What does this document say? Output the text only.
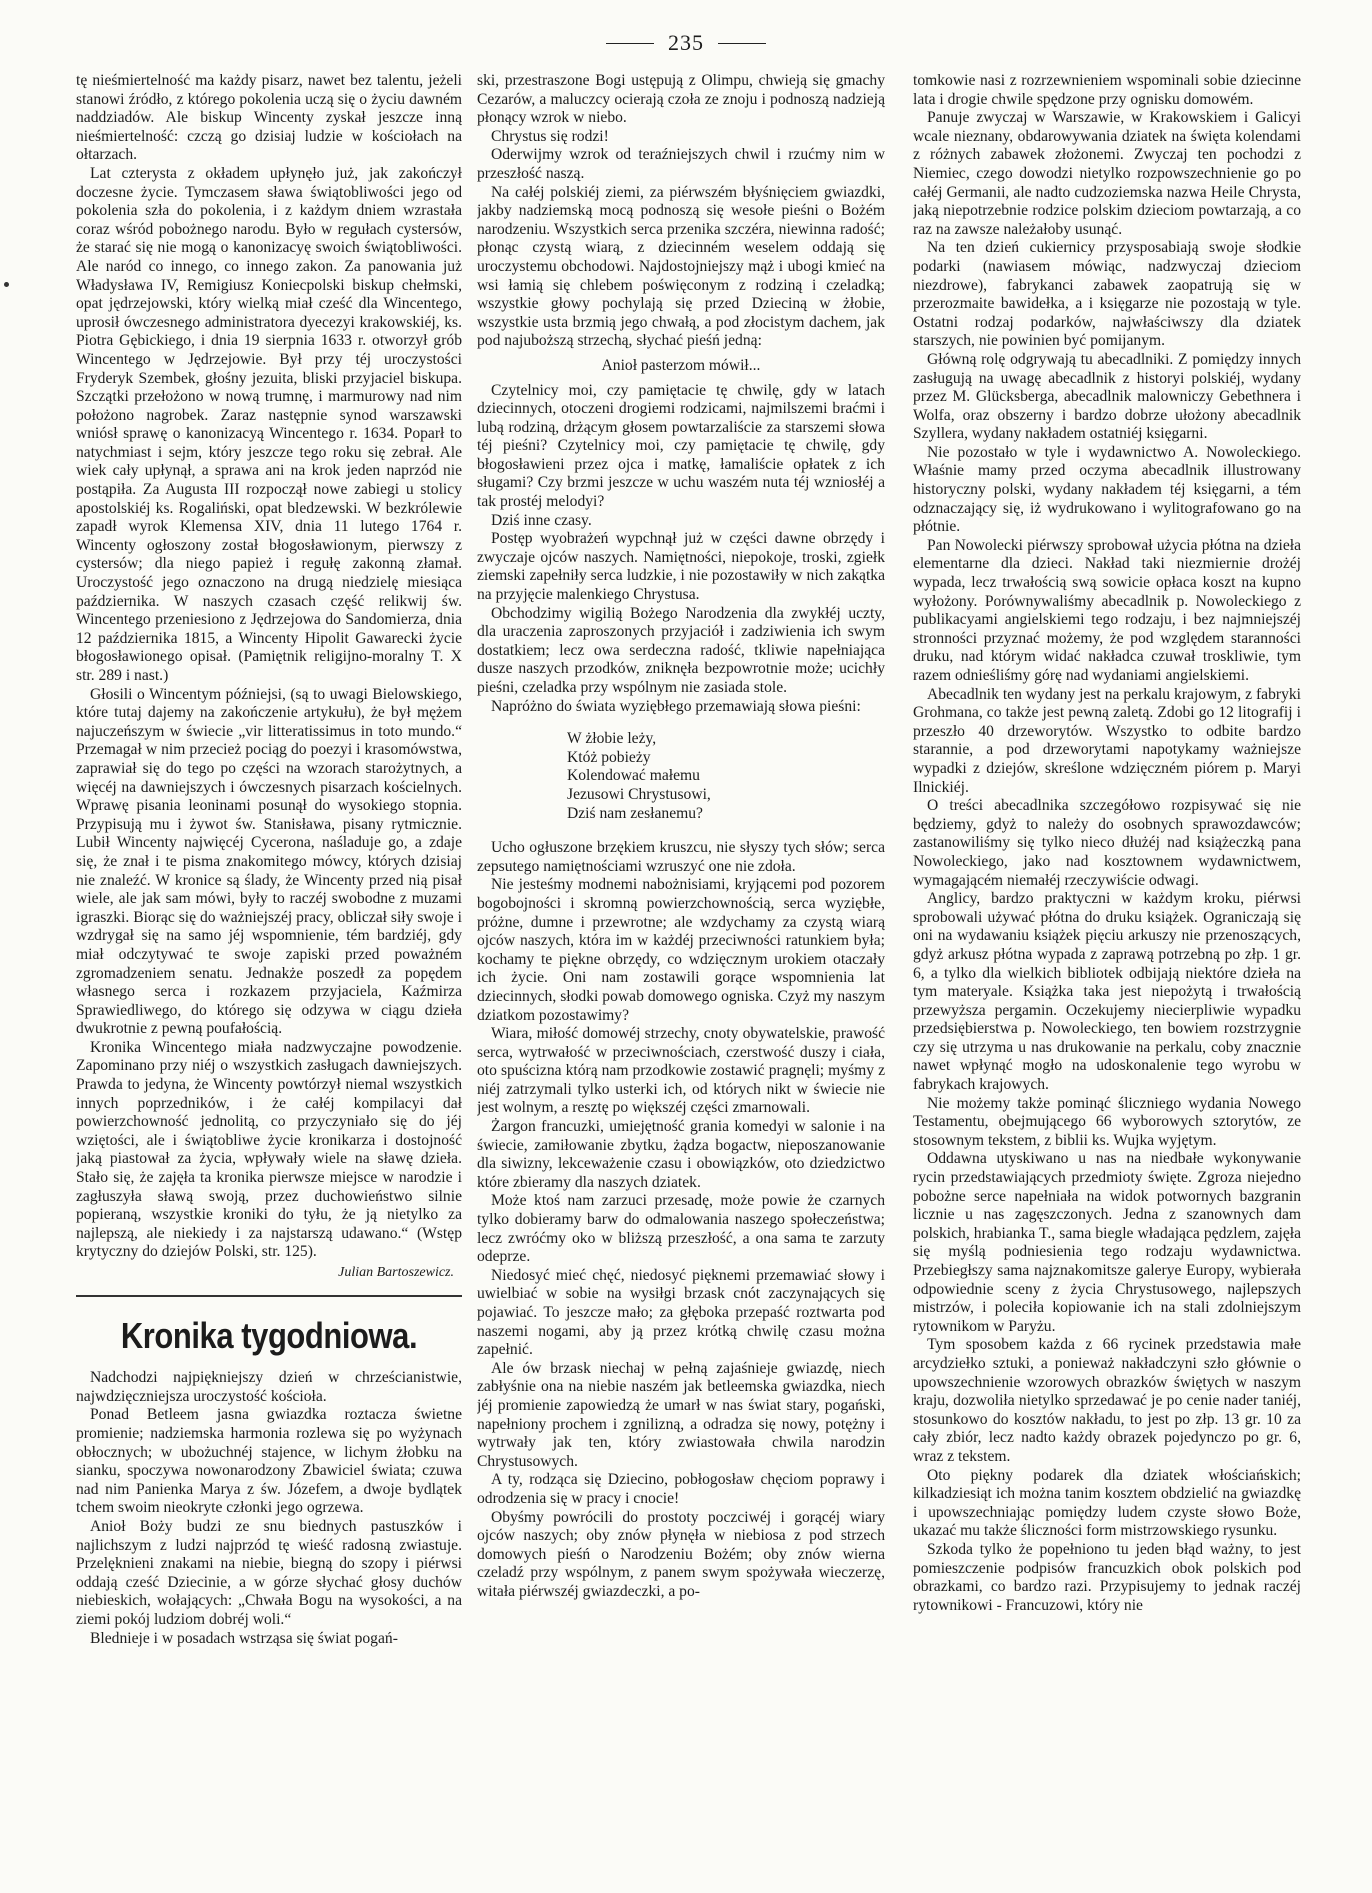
235

tę nieśmiertelność ma każdy pisarz, nawet bez talentu, jeżeli stanowi źródło, z którego pokolenia uczą się o życiu dawném naddziadów. Ale biskup Wincenty zyskał jeszcze inną nieśmiertelność: czczą go dzisiaj ludzie w kościołach na ołtarzach.

Lat czterysta z okładem upłynęło już, jak zakończył doczesne życie. Tymczasem sława świątobliwości jego od pokolenia szła do pokolenia, i z każdym dniem wzrastała coraz wśród pobożnego narodu. Było w regułach cystersów, że starać się nie mogą o kanonizacyę swoich świątobliwości. Ale naród co innego, co innego zakon. Za panowania już Władysława IV, Remigiusz Koniecpolski biskup chełmski, opat jędrzejowski, który wielką miał cześć dla Wincentego, uprosił ówczesnego administratora dyecezyi krakowskiéj, ks. Piotra Gębickiego, i dnia 19 sierpnia 1633 r. otworzył grób Wincentego w Jędrzejowie. Był przy téj uroczystości Fryderyk Szembek, głośny jezuita, bliski przyjaciel biskupa. Szczątki przełożono w nową trumnę, i marmurowy nad nim położono nagrobek. Zaraz następnie synod warszawski wniósł sprawę o kanonizacyą Wincentego r. 1634. Poparł to natychmiast i sejm, który jeszcze tego roku się zebrał. Ale wiek cały upłynął, a sprawa ani na krok jeden naprzód nie postąpiła. Za Augusta III rozpoczął nowe zabiegi u stolicy apostolskiéj ks. Rogaliński, opat bledzewski. W bezkrólewie zapadł wyrok Klemensa XIV, dnia 11 lutego 1764 r. Wincenty ogłoszony został błogosławionym, pierwszy z cystersów; dla niego papież i regułę zakonną złamał. Uroczystość jego oznaczono na drugą niedzielę miesiąca października. W naszych czasach część relikwij św. Wincentego przeniesiono z Jędrzejowa do Sandomierza, dnia 12 października 1815, a Wincenty Hipolit Gawarecki życie błogosławionego opisał. (Pamiętnik religijno-moralny T. X str. 289 i nast.)

Głosili o Wincentym późniejsi, (są to uwagi Bielowskiego, które tutaj dajemy na zakończenie artykułu), że był mężem najuczeńszym w świecie „vir litteratissimus in toto mundo.“ Przemagał w nim przecież pociąg do poezyi i krasomówstwa, zaprawiał się do tego po części na wzorach starożytnych, a więcéj na dawniejszych i ówczesnych pisarzach kościelnych. Wprawę pisania leoninami posunął do wysokiego stopnia. Przypisują mu i żywot św. Stanisława, pisany rytmicznie. Lubił Wincenty najwięcéj Cycerona, naśladuje go, a zdaje się, że znał i te pisma znakomitego mówcy, których dzisiaj nie znaleźć. W kronice są ślady, że Wincenty przed nią pisał wiele, ale jak sam mówi, były to raczéj swobodne z muzami igraszki. Biorąc się do ważniejszéj pracy, obliczał siły swoje i wzdrygał się na samo jéj wspomnienie, tém bardziéj, gdy miał odczytywać te swoje zapiski przed poważném zgromadzeniem senatu. Jednakże poszedł za popędem własnego serca i rozkazem przyjaciela, Kaźmirza Sprawiedliwego, do którego się odzywa w ciągu dzieła dwukrotnie z pewną poufałością.

Kronika Wincentego miała nadzwyczajne powodzenie. Zapominano przy niéj o wszystkich zasługach dawniejszych. Prawda to jedyna, że Wincenty powtórzył niemal wszystkich innych poprzedników, i że całéj kompilacyi dał powierzchowność jednolitą, co przyczyniało się do jéj wziętości, ale i świątobliwe życie kronikarza i dostojność jaką piastował za życia, wpływały wiele na sławę dzieła. Stało się, że zajęła ta kronika pierwsze miejsce w narodzie i zagłuszyła sławą swoją, przez duchowieństwo silnie popieraną, wszystkie kroniki do tyłu, że ją nietylko za najlepszą, ale niekiedy i za najstarszą udawano.“ (Wstęp krytyczny do dziejów Polski, str. 125).

Julian Bartoszewicz.
Kronika tygodniowa.

Nadchodzi najpiękniejszy dzień w chrześcianistwie, najwdzięczniejsza uroczystość kościoła.

Ponad Betleem jasna gwiazdka roztacza świetne promienie; nadziemska harmonia rozlewa się po wyżynach obłocznych; w ubożuchnéj stajence, w lichym żłobku na sianku, spoczywa nowonarodzony Zbawiciel świata; czuwa nad nim Panienka Marya z św. Józefem, a dwoje bydlątek tchem swoim nieokryte członki jego ogrzewa.

Anioł Boży budzi ze snu biednych pastuszków i najlichszym z ludzi najprzód tę wieść radosną zwiastuje. Przelęknieni znakami na niebie, biegną do szopy i piérwsi oddają cześć Dziecinie, a w górze słychać głosy duchów niebieskich, wołających: „Chwała Bogu na wysokości, a na ziemi pokój ludziom dobréj woli.“

Blednieje i w posadach wstrząsa się świat pogań-

ski, przestraszone Bogi ustępują z Olimpu, chwieją się gmachy Cezarów, a maluczcy ocierają czoła ze znoju i podnoszą nadzieją płonący wzrok w niebo.

Chrystus się rodzi!

Oderwijmy wzrok od teraźniejszych chwil i rzućmy nim w przeszłość naszą.

Na całéj polskiéj ziemi, za piérwszém błyśnięciem gwiazdki, jakby nadziemską mocą podnoszą się wesołe pieśni o Bożém narodzeniu. Wszystkich serca przenika szczéra, niewinna radość; płonąc czystą wiarą, z dziecinném weselem oddają się uroczystemu obchodowi. Najdostojniejszy mąż i ubogi kmieć na wsi łamią się chlebem poświęconym z rodziną i czeladką; wszystkie głowy pochylają się przed Dzieciną w żłobie, wszystkie usta brzmią jego chwałą, a pod złocistym dachem, jak pod najuboższą strzechą, słychać pieśń jedną:

Anioł pasterzom mówił...

Czytelnicy moi, czy pamiętacie tę chwilę, gdy w latach dziecinnych, otoczeni drogiemi rodzicami, najmilszemi braćmi i lubą rodziną, drżącym głosem powtarzaliście za starszemi słowa téj pieśni? Czytelnicy moi, czy pamiętacie tę chwilę, gdy błogosławieni przez ojca i matkę, łamaliście opłatek z ich sługami? Czy brzmi jeszcze w uchu waszém nuta téj wzniosłéj a tak prostéj melodyi?

Dziś inne czasy.

Postęp wyobrażeń wypchnął już w części dawne obrzędy i zwyczaje ojców naszych. Namiętności, niepokoje, troski, zgiełk ziemski zapełniły serca ludzkie, i nie pozostawiły w nich zakątka na przyjęcie malenkiego Chrystusa.

Obchodzimy wigilią Bożego Narodzenia dla zwykłéj uczty, dla uraczenia zaproszonych przyjaciół i zadziwienia ich swym dostatkiem; lecz owa serdeczna radość, tkliwie napełniająca dusze naszych przodków, zniknęła bezpowrotnie może; ucichły pieśni, czeladka przy wspólnym nie zasiada stole.

Napróżno do świata wyziębłego przemawiają słowa pieśni:

W żłobie leży,
Któż pobieży
Kolendować małemu
Jezusowi Chrystusowi,
Dziś nam zesłanemu?

Ucho ogłuszone brzękiem kruszcu, nie słyszy tych słów; serca zepsutego namiętnościami wzruszyć one nie zdoła.

Nie jesteśmy modnemi nabożnisiami, kryjącemi pod pozorem bogobojności i skromną powierzchownością, serca wyziębłe, próżne, dumne i przewrotne; ale wzdychamy za czystą wiarą ojców naszych, która im w każdéj przeciwności ratunkiem była; kochamy te piękne obrzędy, co wdzięcznym urokiem otaczały ich życie. Oni nam zostawili gorące wspomnienia lat dziecinnych, słodki powab domowego ogniska. Czyż my naszym dziatkom pozostawimy?

Wiara, miłość domowéj strzechy, cnoty obywatelskie, prawość serca, wytrwałość w przeciwnościach, czerstwość duszy i ciała, oto spuścizna którą nam przodkowie zostawić pragnęli; myśmy z niéj zatrzymali tylko usterki ich, od których nikt w świecie nie jest wolnym, a resztę po większéj części zmarnowali.

Żargon francuzki, umiejętność grania komedyi w salonie i na świecie, zamiłowanie zbytku, żądza bogactw, nieposzanowanie dla siwizny, lekceważenie czasu i obowiązków, oto dziedzictwo które zbieramy dla naszych dziatek.

Może ktoś nam zarzuci przesadę, może powie że czarnych tylko dobieramy barw do odmalowania naszego społeczeństwa; lecz zwróćmy oko w bliższą przeszłość, a ona sama te zarzuty odeprze.

Niedosyć mieć chęć, niedosyć pięknemi przemawiać słowy i uwielbiać w sobie na wysiłgi brzask cnót zaczynających się pojawiać. To jeszcze mało; za głęboka przepaść roztwarta pod naszemi nogami, aby ją przez krótką chwilę czasu można zapełnić.

Ale ów brzask niechaj w pełną zajaśnieje gwiazdę, niech zabłyśnie ona na niebie naszém jak betleemska gwiazdka, niech jéj promienie zapowiedzą że umarł w nas świat stary, pogański, napełniony prochem i zgnilizną, a odradza się nowy, potężny i wytrwały jak ten, który zwiastowała chwila narodzin Chrystusowych.

A ty, rodząca się Dziecino, pobłogosław chęciom poprawy i odrodzenia się w pracy i cnocie!

Obyśmy powrócili do prostoty poczciwéj i gorącéj wiary ojców naszych; oby znów płynęła w niebiosa z pod strzech domowych pieśń o Narodzeniu Bożém; oby znów wierna czeladź przy wspólnym, z panem swym spożywała wieczerzę, witała piérwszéj gwiazdeczki, a po-

tomkowie nasi z rozrzewnieniem wspominali sobie dziecinne lata i drogie chwile spędzone przy ognisku domowém.

Panuje zwyczaj w Warszawie, w Krakowskiem i Galicyi wcale nieznany, obdarowywania dziatek na święta kolendami z różnych zabawek złożonemi. Zwyczaj ten pochodzi z Niemiec, czego dowodzi nietylko rozpowszechnienie go po całéj Germanii, ale nadto cudzoziemska nazwa Heile Chrysta, jaką niepotrzebnie rodzice polskim dzieciom powtarzają, a co raz na zawsze należałoby usunąć.

Na ten dzień cukiernicy przysposabiają swoje słodkie podarki (nawiasem mówiąc, nadzwyczaj dzieciom niezdrowe), fabrykanci zabawek zaopatrują się w przerozmaite bawidełka, a i księgarze nie pozostają w tyle. Ostatni rodzaj podarków, najwłaściwszy dla dziatek starszych, nie powinien być pomijanym.

Główną rolę odgrywają tu abecadlniki. Z pomiędzy innych zasługują na uwagę abecadlnik z historyi polskiéj, wydany przez M. Glücksberga, abecadlnik malowniczy Gebethnera i Wolfa, oraz obszerny i bardzo dobrze ułożony abecadlnik Szyllera, wydany nakładem ostatniéj księgarni.

Nie pozostało w tyle i wydawnictwo A. Nowoleckiego. Właśnie mamy przed oczyma abecadlnik illustrowany historyczny polski, wydany nakładem téj księgarni, a tém odznaczający się, iż wydrukowano i wylitografowano go na płótnie.

Pan Nowolecki piérwszy sprobował użycia płótna na dzieła elementarne dla dzieci. Nakład taki niezmiernie drożéj wypada, lecz trwałością swą sowicie opłaca koszt na kupno wyłożony. Porównywaliśmy abecadlnik p. Nowoleckiego z publikacyami angielskiemi tego rodzaju, i bez najmniejszéj stronności przyznać możemy, że pod względem staranności druku, nad którym widać nakładca czuwał troskliwie, tym razem odnieśliśmy górę nad wydaniami angielskiemi.

Abecadlnik ten wydany jest na perkalu krajowym, z fabryki Grohmana, co także jest pewną zaletą. Zdobi go 12 litografij i przeszło 40 drzeworytów. Wszystko to odbite bardzo starannie, a pod drzeworytami napotykamy ważniejsze wypadki z dziejów, skreślone wdzięczném piórem p. Maryi Ilnickiéj.

O treści abecadlnika szczegółowo rozpisywać się nie będziemy, gdyż to należy do osobnych sprawozdawców; zastanowiliśmy się tylko nieco dłużéj nad książeczką pana Nowoleckiego, jako nad kosztownem wydawnictwem, wymagającém niemałéj rzeczywiście odwagi.

Anglicy, bardzo praktyczni w każdym kroku, piérwsi sprobowali używać płótna do druku książek. Ograniczają się oni na wydawaniu książek pięciu arkuszy nie przenoszących, gdyż arkusz płótna wypada z zaprawą potrzebną po złp. 1 gr. 6, a tylko dla wielkich bibliotek odbijają niektóre dzieła na tym materyale. Książka taka jest niepożytą i trwałością przewyższa pergamin. Oczekujemy niecierpliwie wypadku przedsiębierstwa p. Nowoleckiego, ten bowiem rozstrzygnie czy się utrzyma u nas drukowanie na perkalu, coby znacznie nawet wpłynąć mogło na udoskonalenie tego wyrobu w fabrykach krajowych.

Nie możemy także pominąć śliczniego wydania Nowego Testamentu, obejmującego 66 wyborowych sztorytów, ze stosownym tekstem, z biblii ks. Wujka wyjętym.

Oddawna utyskiwano u nas na niedbałe wykonywanie rycin przedstawiających przedmioty święte. Zgroza niejedno pobożne serce napełniała na widok potwornych bazgranin licznie u nas zagęszczonych. Jedna z szanownych dam polskich, hrabianka T., sama biegle władająca pędzlem, zajęła się myślą podniesienia tego rodzaju wydawnictwa. Przebiegłszy sama najznakomitsze galerye Europy, wybierała odpowiednie sceny z życia Chrystusowego, najlepszych mistrzów, i poleciła kopiowanie ich na stali zdolniejszym rytownikom w Paryżu.

Tym sposobem każda z 66 rycinek przedstawia małe arcydziełko sztuki, a ponieważ nakładczyni szło głównie o upowszechnienie wzorowych obrazków świętych w naszym kraju, dozwoliła nietylko sprzedawać je po cenie nader taniéj, stosunkowo do kosztów nakładu, to jest po złp. 13 gr. 10 za cały zbiór, lecz nadto każdy obrazek pojedynczo po gr. 6, wraz z tekstem.

Oto piękny podarek dla dziatek włościańskich; kilkadziesiąt ich można tanim kosztem obdzielić na gwiazdkę i upowszechniając pomiędzy ludem czyste słowo Boże, ukazać mu także śliczności form mistrzowskiego rysunku.

Szkoda tylko że popełniono tu jeden błąd ważny, to jest pomieszczenie podpisów francuzkich obok polskich pod obrazkami, co bardzo razi. Przypisujemy to jednak raczéj rytownikowi - Francuzowi, który nie
